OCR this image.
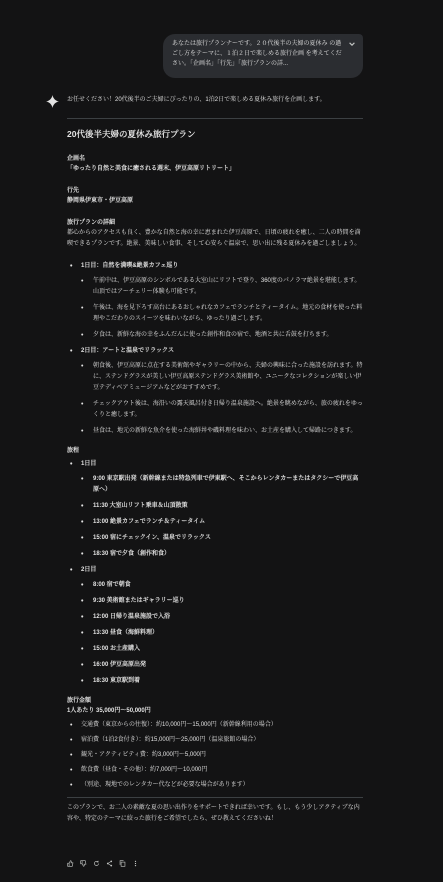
あなたは旅行プランナーです。２０代後半の夫婦の夏休み の過ごし方をテーマに、１泊２日で楽しめる旅行企画 を考えてください。「企画名」「行先」「旅行プランの詳...

お任せください！20代後半のご夫婦にぴったりの、1泊2日で楽しめる夏休み旅行を企画します。

20代後半夫婦の夏休み旅行プラン

企画名

「ゆったり自然と美食に癒される週末、伊豆高原リトリート」

行先

静岡県伊東市・伊豆高原

旅行プランの詳細

都心からのアクセスも良く、豊かな自然と海の幸に恵まれた伊豆高原で、日頃の疲れを癒し、二人の時間を満喫できるプランです。絶景、美味しい食事、そして心安らぐ温泉で、思い出に残る夏休みを過ごしましょう。

• 1日目：自然を満喫&絶景カフェ巡り
• 午前中は、伊豆高原のシンボルである大室山にリフトで登り、360度のパノラマ絶景を堪能します。山頂ではアーチェリー体験も可能です。
• 午後は、海を見下ろす高台にあるおしゃれなカフェでランチとティータイム。地元の食材を使った料理やこだわりのスイーツを味わいながら、ゆったり過ごします。
• 夕食は、新鮮な海の幸をふんだんに使った創作和食の宿で、地酒と共に舌鼓を打ちます。
• 2日目：アートと温泉でリラックス
• 朝食後、伊豆高原に点在する美術館やギャラリーの中から、夫婦の興味に合った施設を訪れます。特に、ステンドグラスが美しい伊豆高原ステンドグラス美術館や、ユニークなコレクションが楽しい伊豆テディベアミュージアムなどがおすすめです。
• チェックアウト後は、海沿いの露天風呂付き日帰り温泉施設へ。絶景を眺めながら、旅の疲れをゆっくりと癒します。
• 昼食は、地元の新鮮な魚介を使った海鮮丼や磯料理を味わい、お土産を購入して帰路につきます。

旅程

• 1日目
• 9:00 東京駅出発（新幹線または特急列車で伊東駅へ、そこからレンタカーまたはタクシーで伊豆高原へ）
• 11:30 大室山リフト乗車＆山頂散策
• 13:00 絶景カフェでランチ＆ティータイム
• 15:00 宿にチェックイン、温泉でリラックス
• 18:30 宿で夕食（創作和食）
• 2日目
• 8:00 宿で朝食
• 9:30 美術館またはギャラリー巡り
• 12:00 日帰り温泉施設で入浴
• 13:30 昼食（海鮮料理）
• 15:00 お土産購入
• 16:00 伊豆高原出発
• 18:30 東京駅到着

旅行金額

1人あたり 35,000円〜50,000円

• 交通費（東京からの往復）：約10,000円〜15,000円（新幹線利用の場合）
• 宿泊費（1泊2食付き）：約15,000円〜25,000円（温泉旅館の場合）
• 観光・アクティビティ費：約3,000円〜5,000円
• 飲食費（昼食・その他）：約7,000円〜10,000円
• （別途、現地でのレンタカー代などが必要な場合があります）

このプランで、お二人の素敵な夏の思い出作りをサポートできれば幸いです。もし、もう少しアクティブな内容や、特定のテーマに絞った旅行をご希望でしたら、ぜひ教えてくださいね！
